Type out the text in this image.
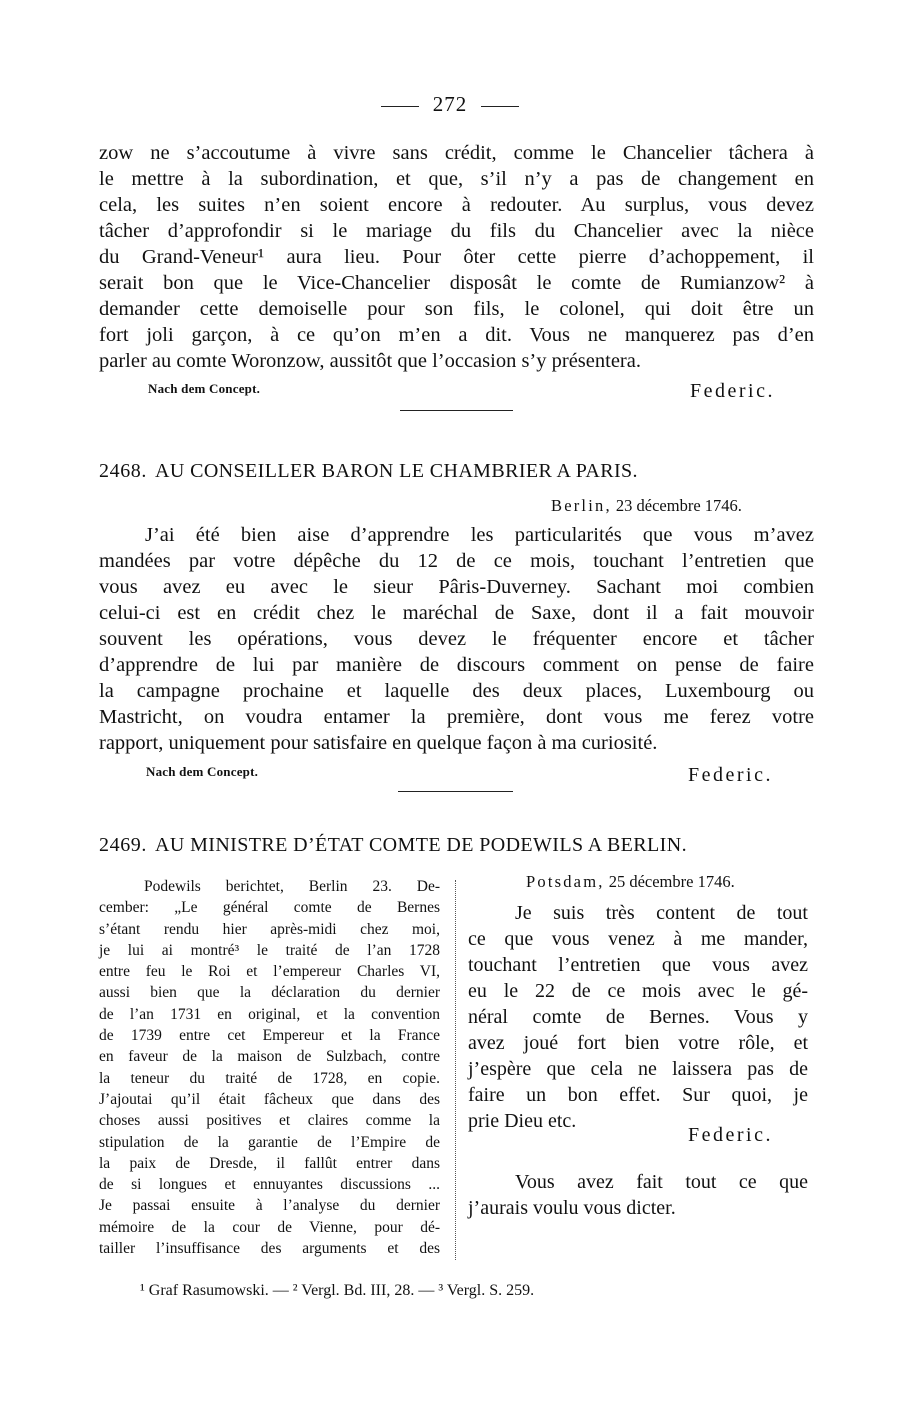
272
zow ne s’accoutume à vivre sans crédit, comme le Chancelier tâchera à
le mettre à la subordination, et que, s’il n’y a pas de changement en
cela, les suites n’en soient encore à redouter. Au surplus, vous devez
tâcher d’approfondir si le mariage du fils du Chancelier avec la nièce
du Grand-Veneur¹ aura lieu. Pour ôter cette pierre d’achoppement, il
serait bon que le Vice-Chancelier disposât le comte de Rumianzow² à
demander cette demoiselle pour son fils, le colonel, qui doit être un
fort joli garçon, à ce qu’on m’en a dit. Vous ne manquerez pas d’en
parler au comte Woronzow, aussitôt que l’occasion s’y présentera.
Nach dem Concept.	Federic.
2468. AU CONSEILLER BARON LE CHAMBRIER A PARIS.
Berlin, 23 décembre 1746.
J’ai été bien aise d’apprendre les particularités que vous m’avez
mandées par votre dépêche du 12 de ce mois, touchant l’entretien que
vous avez eu avec le sieur Pâris-Duverney. Sachant moi combien
celui-ci est en crédit chez le maréchal de Saxe, dont il a fait mouvoir
souvent les opérations, vous devez le fréquenter encore et tâcher
d’apprendre de lui par manière de discours comment on pense de faire
la campagne prochaine et laquelle des deux places, Luxembourg ou
Mastricht, on voudra entamer la première, dont vous me ferez votre
rapport, uniquement pour satisfaire en quelque façon à ma curiosité.
Nach dem Concept.	Federic.
2469. AU MINISTRE D’ÉTAT COMTE DE PODEWILS A BERLIN.
Podewils berichtet, Berlin 23. De-
cember: „Le général comte de Bernes
s’étant rendu hier après-midi chez moi,
je lui ai montré³ le traité de l’an 1728
entre feu le Roi et l’empereur Charles VI,
aussi bien que la déclaration du dernier
de l’an 1731 en original, et la convention
de 1739 entre cet Empereur et la France
en faveur de la maison de Sulzbach, contre
la teneur du traité de 1728, en copie.
J’ajoutai qu’il était fâcheux que dans des
choses aussi positives et claires comme la
stipulation de la garantie de l’Empire de
la paix de Dresde, il fallût entrer dans
de si longues et ennuyantes discussions ...
Je passai ensuite à l’analyse du dernier
mémoire de la cour de Vienne, pour dé-
tailler l’insuffisance des arguments et des
Potsdam, 25 décembre 1746.
Je suis très content de tout
ce que vous venez à me mander,
touchant l’entretien que vous avez
eu le 22 de ce mois avec le gé-
néral comte de Bernes. Vous y
avez joué fort bien votre rôle, et
j’espère que cela ne laissera pas de
faire un bon effet. Sur quoi, je
prie Dieu etc.
Federic.
Vous avez fait tout ce que
j’aurais voulu vous dicter.
¹ Graf Rasumowski. — ² Vergl. Bd. III, 28. — ³ Vergl. S. 259.
